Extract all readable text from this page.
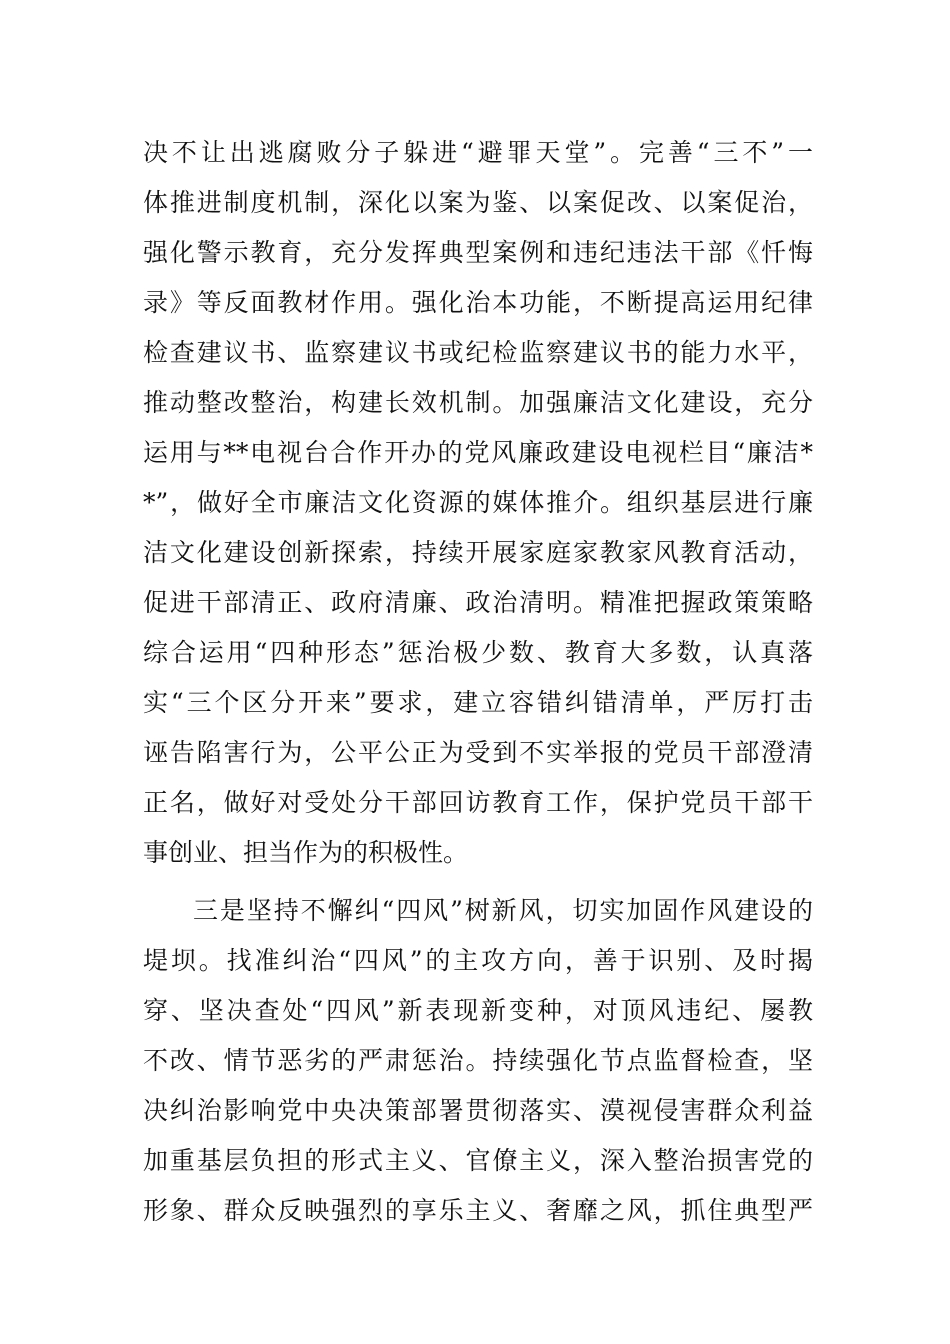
决不让出逃腐败分子躲进“避罪天堂”。完善“三不”一
体推进制度机制，深化以案为鉴、以案促改、以案促治，
强化警示教育，充分发挥典型案例和违纪违法干部《忏悔
录》等反面教材作用。强化治本功能，不断提高运用纪律
检查建议书、监察建议书或纪检监察建议书的能力水平，
推动整改整治，构建长效机制。加强廉洁文化建设，充分
运用与**电视台合作开办的党风廉政建设电视栏目“廉洁*
*”，做好全市廉洁文化资源的媒体推介。组织基层进行廉
洁文化建设创新探索，持续开展家庭家教家风教育活动，
促进干部清正、政府清廉、政治清明。精准把握政策策略
综合运用“四种形态”惩治极少数、教育大多数，认真落
实“三个区分开来”要求，建立容错纠错清单，严厉打击
诬告陷害行为，公平公正为受到不实举报的党员干部澄清
正名，做好对受处分干部回访教育工作，保护党员干部干
事创业、担当作为的积极性。
三是坚持不懈纠“四风”树新风，切实加固作风建设的
堤坝。找准纠治“四风”的主攻方向，善于识别、及时揭
穿、坚决查处“四风”新表现新变种，对顶风违纪、屡教
不改、情节恶劣的严肃惩治。持续强化节点监督检查，坚
决纠治影响党中央决策部署贯彻落实、漠视侵害群众利益
加重基层负担的形式主义、官僚主义，深入整治损害党的
形象、群众反映强烈的享乐主义、奢靡之风，抓住典型严
